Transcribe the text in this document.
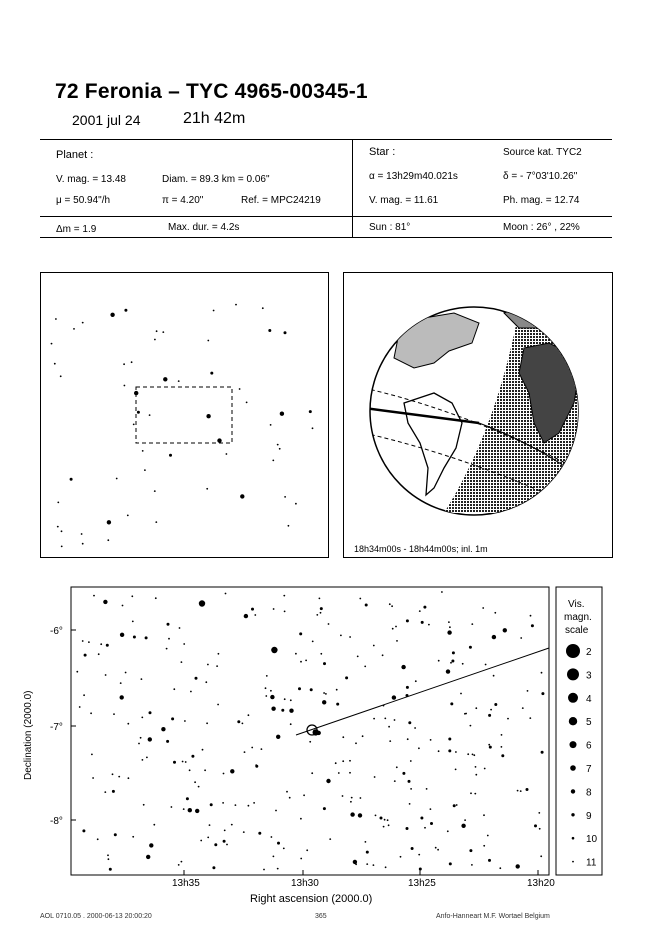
72 Feronia – TYC 4965-00345-1
2001 jul 24	21h 42m
Planet :
V. mag. = 13.48	Diam. = 89.3 km = 0.06"
μ = 50.94"/h	π = 4.20"	Ref. = MPC24219
Star :	Source kat. TYC2
α = 13h29m40.021s	δ = - 7°03'10.26"
V. mag. = 11.61	Ph. mag. = 12.74
Δm = 1.9	Max. dur. = 4.2s	Sun : 81°	Moon : 26° , 22%
18h34m00s - 18h44m00s; inl. 1m
-6°
-7°
-8°
13h35	13h30	13h25	13h20
Right ascension (2000.0)
Declination (2000.0)
Vis.
magn.
scale
2
3
4
5
6
7
8
9
10
11
AOL 0710.05 . 2000-06-13 20:00:20	365	Anfo-Hanneart M.F. Wortael Belgium
